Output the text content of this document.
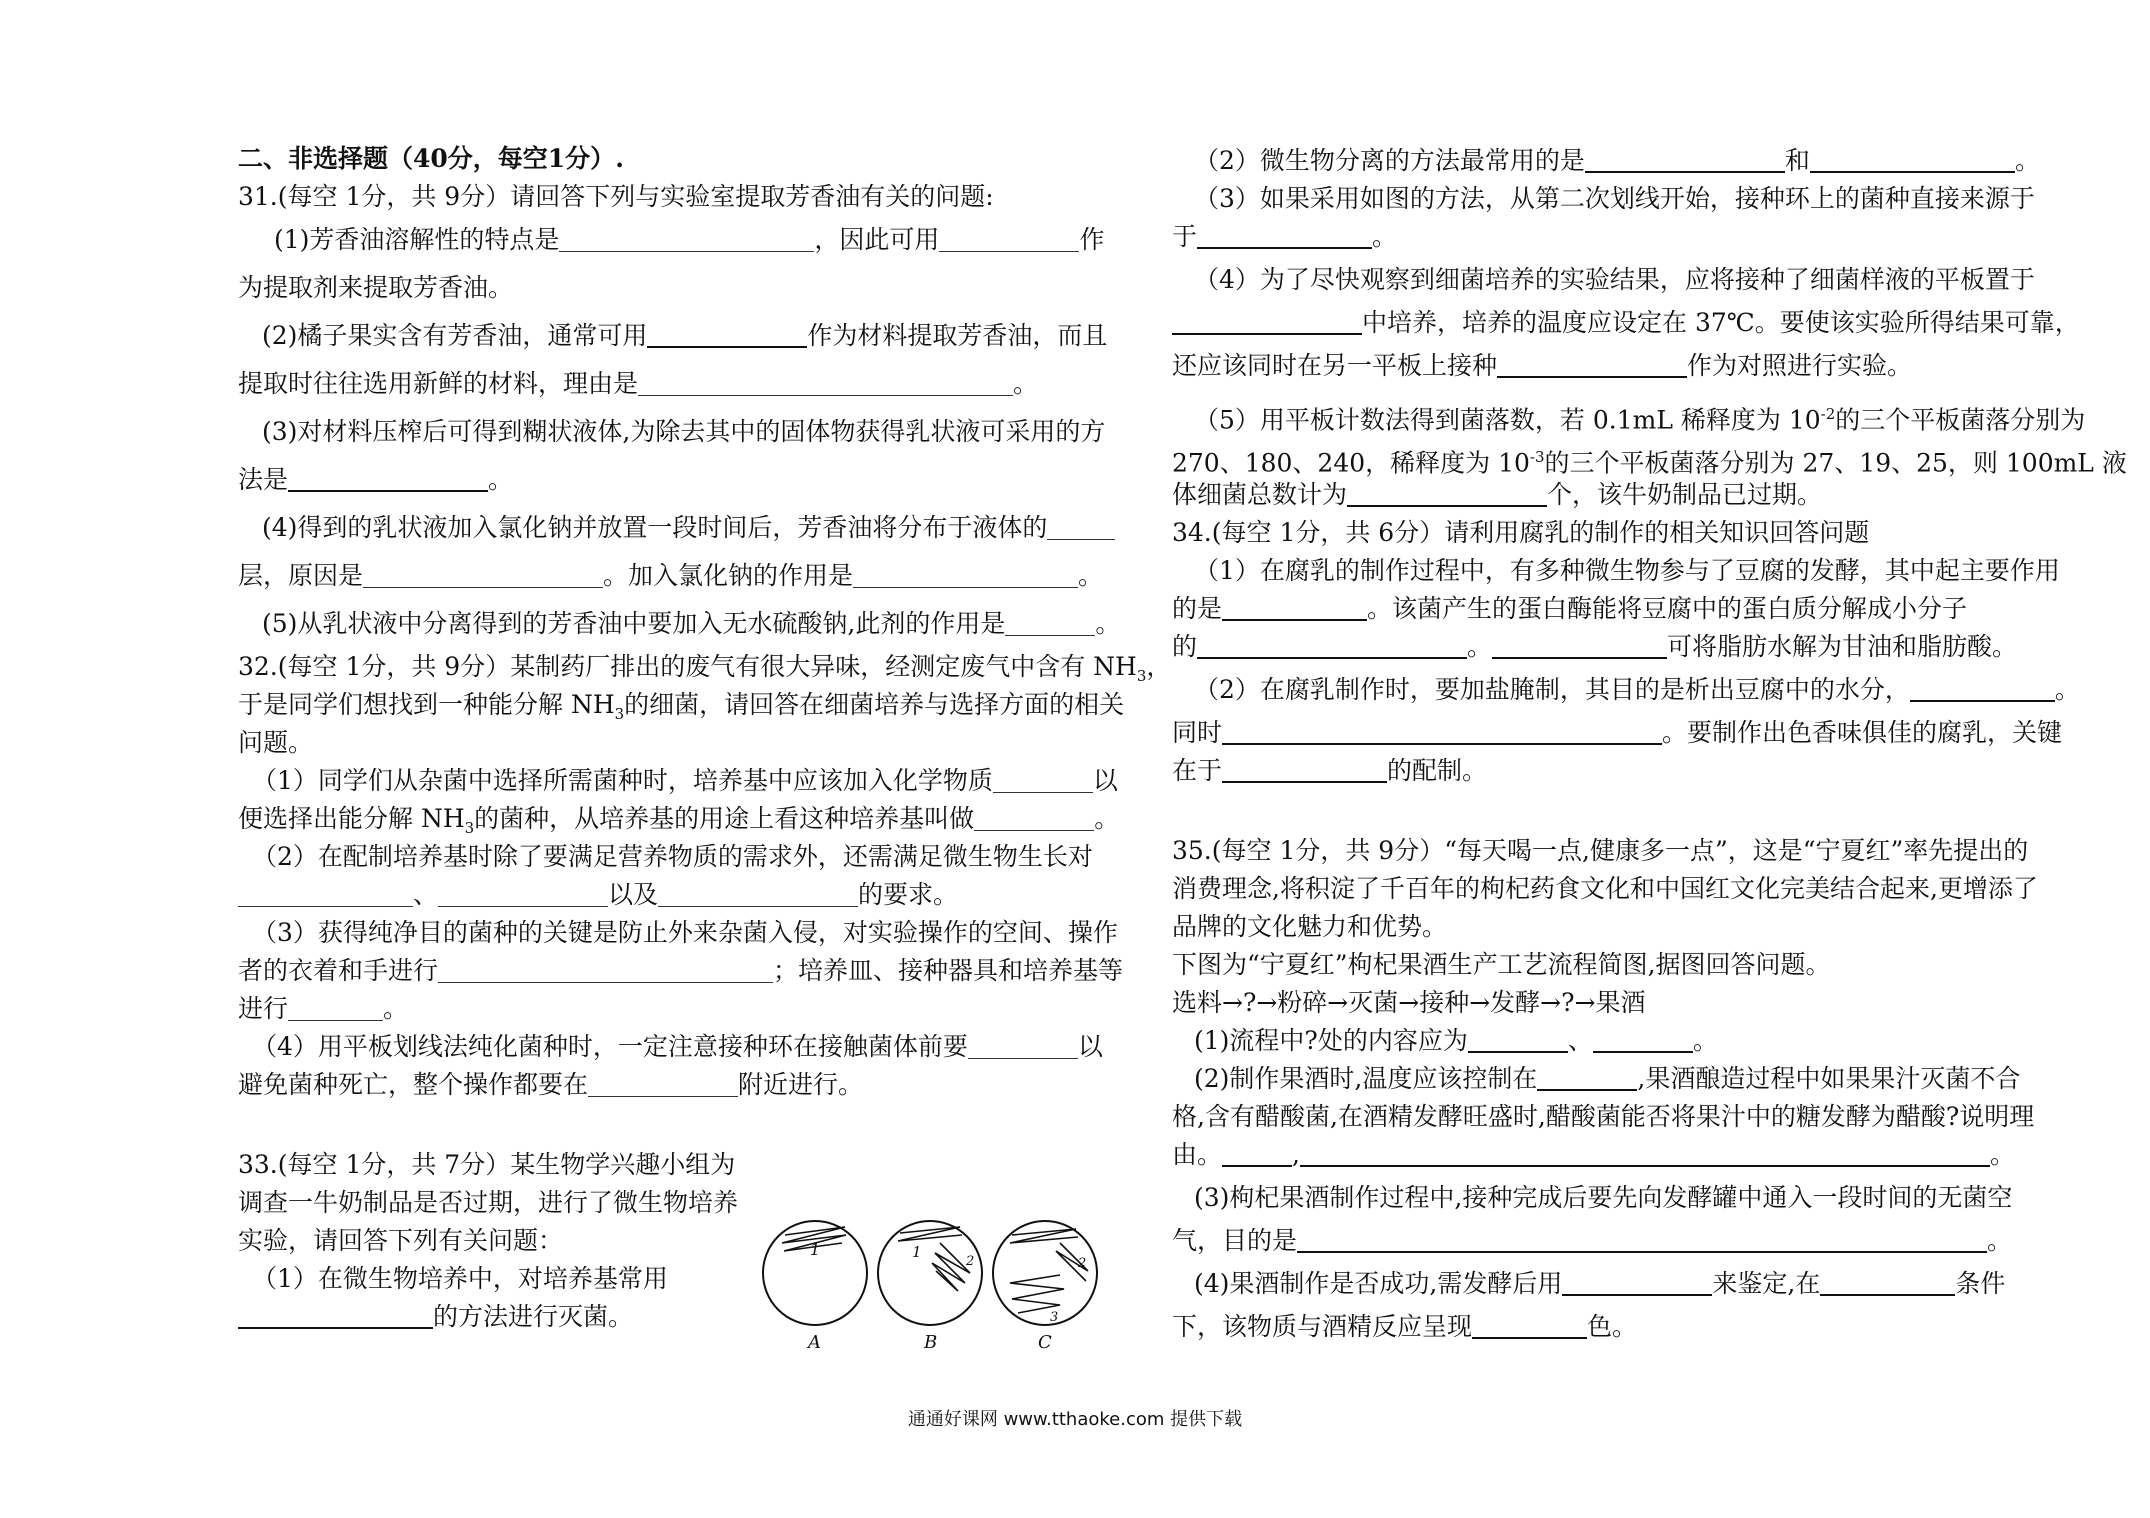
二、非选择题（40分，每空1分）.
31.(每空 1分，共 9分）请回答下列与实验室提取芳香油有关的问题:
(1)芳香油溶解性的特点是	，因此可用	作
为提取剂来提取芳香油。
(2)橘子果实含有芳香油，通常可用	作为材料提取芳香油，而且
提取时往往选用新鲜的材料，理由是	。
(3)对材料压榨后可得到糊状液体,为除去其中的固体物获得乳状液可采用的方
法是	。
(4)得到的乳状液加入氯化钠并放置一段时间后，芳香油将分布于液体的
层，原因是	。加入氯化钠的作用是	。
(5)从乳状液中分离得到的芳香油中要加入无水硫酸钠,此剂的作用是	。
32.(每空 1分，共 9分）某制药厂排出的废气有很大异味，经测定废气中含有 $NH_3$，
于是同学们想找到一种能分解 $NH_3$的细菌，请回答在细菌培养与选择方面的相关
问题。
（1）同学们从杂菌中选择所需菌种时，培养基中应该加入化学物质	以
便选择出能分解 $NH_3$的菌种，从培养基的用途上看这种培养基叫做	。
（2）在配制培养基时除了要满足营养物质的需求外，还需满足微生物生长对
、	以及	的要求。
（3）获得纯净目的菌种的关键是防止外来杂菌入侵，对实验操作的空间、操作
者的衣着和手进行	；培养皿、接种器具和培养基等
进行	。
（4）用平板划线法纯化菌种时，一定注意接种环在接触菌体前要	以
避免菌种死亡，整个操作都要在	附近进行。
33.(每空 1分，共 7分）某生物学兴趣小组为
调查一牛奶制品是否过期，进行了微生物培养
实验，请回答下列有关问题：
（1）在微生物培养中，对培养基常用
的方法进行灭菌。
1	1
2	2
3
A	B	C
（2）微生物分离的方法最常用的是	和	。
（3）如果采用如图的方法，从第二次划线开始，接种环上的菌种直接来源于
于	。
（4）为了尽快观察到细菌培养的实验结果，应将接种了细菌样液的平板置于
中培养，培养的温度应设定在 37℃。要使该实验所得结果可靠，
还应该同时在另一平板上接种	作为对照进行实验。
（5）用平板计数法得到菌落数，若 0.1mL 稀释度为 $10^{-2}$的三个平板菌落分别为
270、180、240，稀释度为 $10^{-3}$的三个平板菌落分别为 27、19、25，则 100mL 液
体细菌总数计为	个，该牛奶制品已过期。
34.(每空 1分，共 6分）请利用腐乳的制作的相关知识回答问题
（1）在腐乳的制作过程中，有多种微生物参与了豆腐的发酵，其中起主要作用
的是	。该菌产生的蛋白酶能将豆腐中的蛋白质分解成小分子
的	。	可将脂肪水解为甘油和脂肪酸。
（2）在腐乳制作时，要加盐腌制，其目的是析出豆腐中的水分，	。
同时	。要制作出色香味俱佳的腐乳，关键
在于	的配制。
35.(每空 1分，共 9分）“每天喝一点,健康多一点”，这是“宁夏红”率先提出的
消费理念,将积淀了千百年的枸杞药食文化和中国红文化完美结合起来,更增添了
品牌的文化魅力和优势。
下图为“宁夏红”枸杞果酒生产工艺流程简图,据图回答问题。
选料→?→粉碎→灭菌→接种→发酵→?→果酒
(1)流程中?处的内容应为	、	。
(2)制作果酒时,温度应该控制在	,果酒酿造过程中如果果汁灭菌不合
格,含有醋酸菌,在酒精发酵旺盛时,醋酸菌能否将果汁中的糖发酵为醋酸?说明理
由。	,	。
(3)枸杞果酒制作过程中,接种完成后要先向发酵罐中通入一段时间的无菌空
气，目的是	。
(4)果酒制作是否成功,需发酵后用	来鉴定,在	条件
下，该物质与酒精反应呈现	色。
通通好课网 www.tthaoke.com 提供下载
